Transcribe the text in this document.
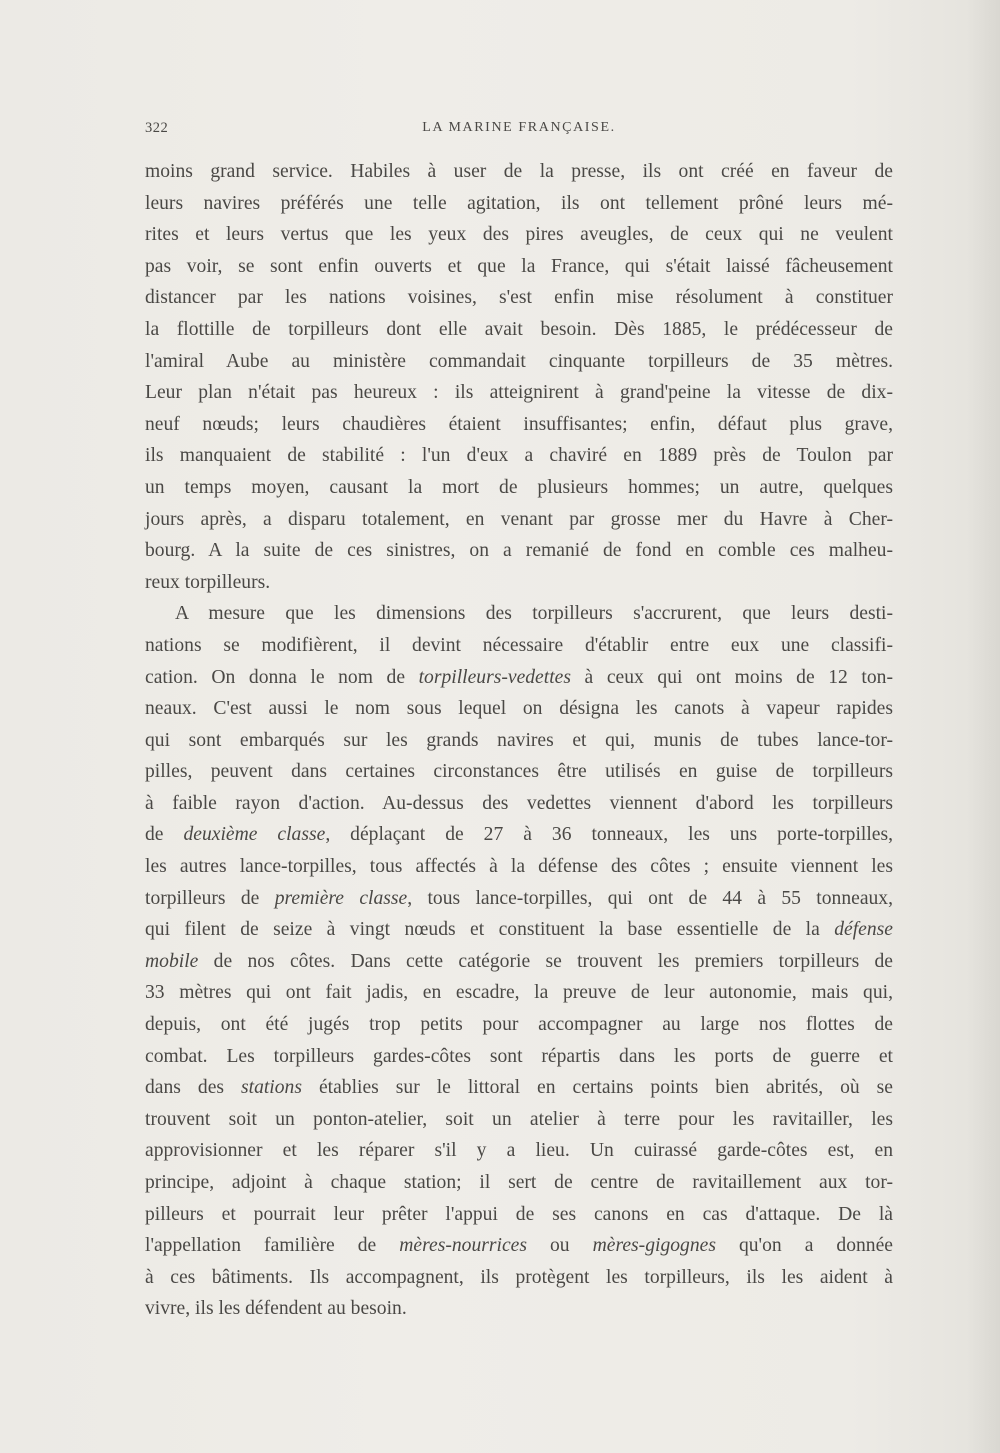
322	LA MARINE FRANÇAISE.
moins grand service. Habiles à user de la presse, ils ont créé en faveur de
leurs navires préférés une telle agitation, ils ont tellement prôné leurs mé-
rites et leurs vertus que les yeux des pires aveugles, de ceux qui ne veulent
pas voir, se sont enfin ouverts et que la France, qui s'était laissé fâcheusement
distancer par les nations voisines, s'est enfin mise résolument à constituer
la flottille de torpilleurs dont elle avait besoin. Dès 1885, le prédécesseur de
l'amiral Aube au ministère commandait cinquante torpilleurs de 35 mètres.
Leur plan n'était pas heureux : ils atteignirent à grand'peine la vitesse de dix-
neuf nœuds; leurs chaudières étaient insuffisantes; enfin, défaut plus grave,
ils manquaient de stabilité : l'un d'eux a chaviré en 1889 près de Toulon par
un temps moyen, causant la mort de plusieurs hommes; un autre, quelques
jours après, a disparu totalement, en venant par grosse mer du Havre à Cher-
bourg. A la suite de ces sinistres, on a remanié de fond en comble ces malheu-
reux torpilleurs.
A mesure que les dimensions des torpilleurs s'accrurent, que leurs desti-
nations se modifièrent, il devint nécessaire d'établir entre eux une classifi-
cation. On donna le nom de torpilleurs-vedettes à ceux qui ont moins de 12 ton-
neaux. C'est aussi le nom sous lequel on désigna les canots à vapeur rapides
qui sont embarqués sur les grands navires et qui, munis de tubes lance-tor-
pilles, peuvent dans certaines circonstances être utilisés en guise de torpilleurs
à faible rayon d'action. Au-dessus des vedettes viennent d'abord les torpilleurs
de deuxième classe, déplaçant de 27 à 36 tonneaux, les uns porte-torpilles,
les autres lance-torpilles, tous affectés à la défense des côtes ; ensuite viennent les
torpilleurs de première classe, tous lance-torpilles, qui ont de 44 à 55 tonneaux,
qui filent de seize à vingt nœuds et constituent la base essentielle de la défense
mobile de nos côtes. Dans cette catégorie se trouvent les premiers torpilleurs de
33 mètres qui ont fait jadis, en escadre, la preuve de leur autonomie, mais qui,
depuis, ont été jugés trop petits pour accompagner au large nos flottes de
combat. Les torpilleurs gardes-côtes sont répartis dans les ports de guerre et
dans des stations établies sur le littoral en certains points bien abrités, où se
trouvent soit un ponton-atelier, soit un atelier à terre pour les ravitailler, les
approvisionner et les réparer s'il y a lieu. Un cuirassé garde-côtes est, en
principe, adjoint à chaque station; il sert de centre de ravitaillement aux tor-
pilleurs et pourrait leur prêter l'appui de ses canons en cas d'attaque. De là
l'appellation familière de mères-nourrices ou mères-gigognes qu'on a donnée
à ces bâtiments. Ils accompagnent, ils protègent les torpilleurs, ils les aident à
vivre, ils les défendent au besoin.
